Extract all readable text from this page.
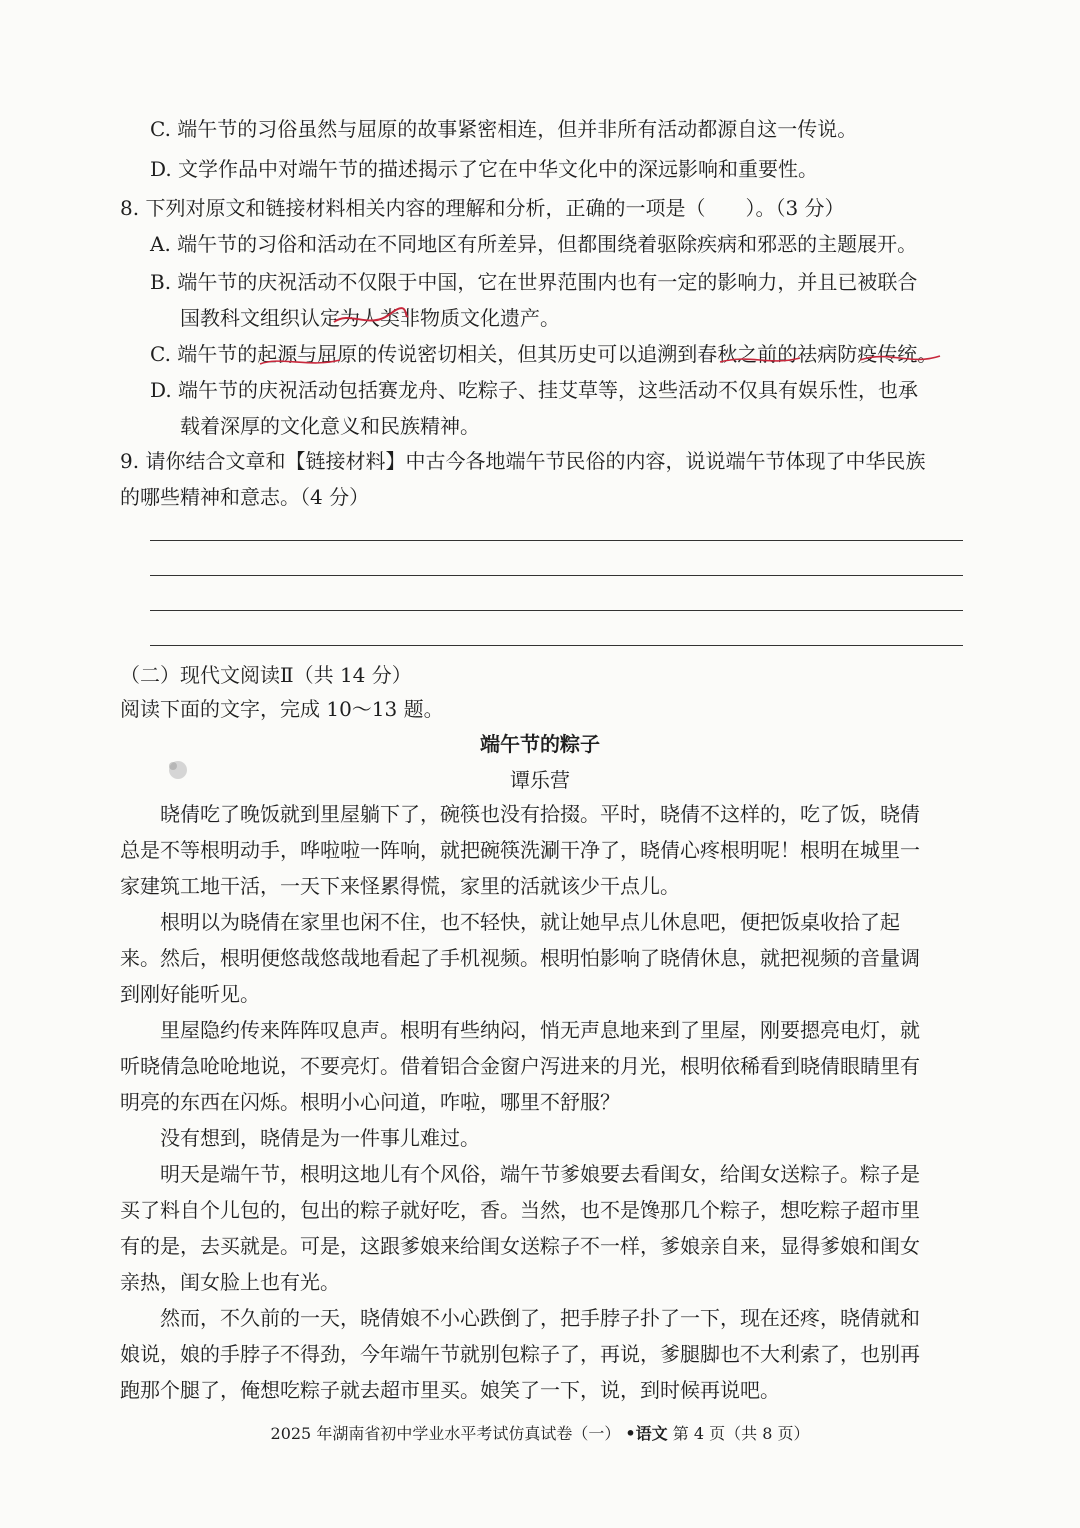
C. 端午节的习俗虽然与屈原的故事紧密相连，但并非所有活动都源自这一传说。
D. 文学作品中对端午节的描述揭示了它在中华文化中的深远影响和重要性。
8. 下列对原文和链接材料相关内容的理解和分析，正确的一项是（　　）。（3 分）
A. 端午节的习俗和活动在不同地区有所差异，但都围绕着驱除疾病和邪恶的主题展开。
B. 端午节的庆祝活动不仅限于中国，它在世界范围内也有一定的影响力，并且已被联合
国教科文组织认定为人类非物质文化遗产。
C. 端午节的起源与屈原的传说密切相关，但其历史可以追溯到春秋之前的祛病防疫传统。
D. 端午节的庆祝活动包括赛龙舟、吃粽子、挂艾草等，这些活动不仅具有娱乐性，也承
载着深厚的文化意义和民族精神。
9. 请你结合文章和【链接材料】中古今各地端午节民俗的内容，说说端午节体现了中华民族
的哪些精神和意志。（4 分）
（二）现代文阅读Ⅱ（共 14 分）
阅读下面的文字，完成 10～13 题。
端午节的粽子
谭乐营
晓倩吃了晚饭就到里屋躺下了，碗筷也没有拾掇。平时，晓倩不这样的，吃了饭，晓倩
总是不等根明动手，哗啦啦一阵响，就把碗筷洗涮干净了，晓倩心疼根明呢！根明在城里一
家建筑工地干活，一天下来怪累得慌，家里的活就该少干点儿。
根明以为晓倩在家里也闲不住，也不轻快，就让她早点儿休息吧，便把饭桌收拾了起
来。然后，根明便悠哉悠哉地看起了手机视频。根明怕影响了晓倩休息，就把视频的音量调
到刚好能听见。
里屋隐约传来阵阵叹息声。根明有些纳闷，悄无声息地来到了里屋，刚要摁亮电灯，就
听晓倩急呛呛地说，不要亮灯。借着铝合金窗户泻进来的月光，根明依稀看到晓倩眼睛里有
明亮的东西在闪烁。根明小心问道，咋啦，哪里不舒服？
没有想到，晓倩是为一件事儿难过。
明天是端午节，根明这地儿有个风俗，端午节爹娘要去看闺女，给闺女送粽子。粽子是
买了料自个儿包的，包出的粽子就好吃，香。当然，也不是馋那几个粽子，想吃粽子超市里
有的是，去买就是。可是，这跟爹娘来给闺女送粽子不一样，爹娘亲自来，显得爹娘和闺女
亲热，闺女脸上也有光。
然而，不久前的一天，晓倩娘不小心跌倒了，把手脖子扑了一下，现在还疼，晓倩就和
娘说，娘的手脖子不得劲，今年端午节就别包粽子了，再说，爹腿脚也不大利索了，也别再
跑那个腿了，俺想吃粽子就去超市里买。娘笑了一下，说，到时候再说吧。
2025 年湖南省初中学业水平考试仿真试卷（一） •语文 第 4 页（共 8 页）
